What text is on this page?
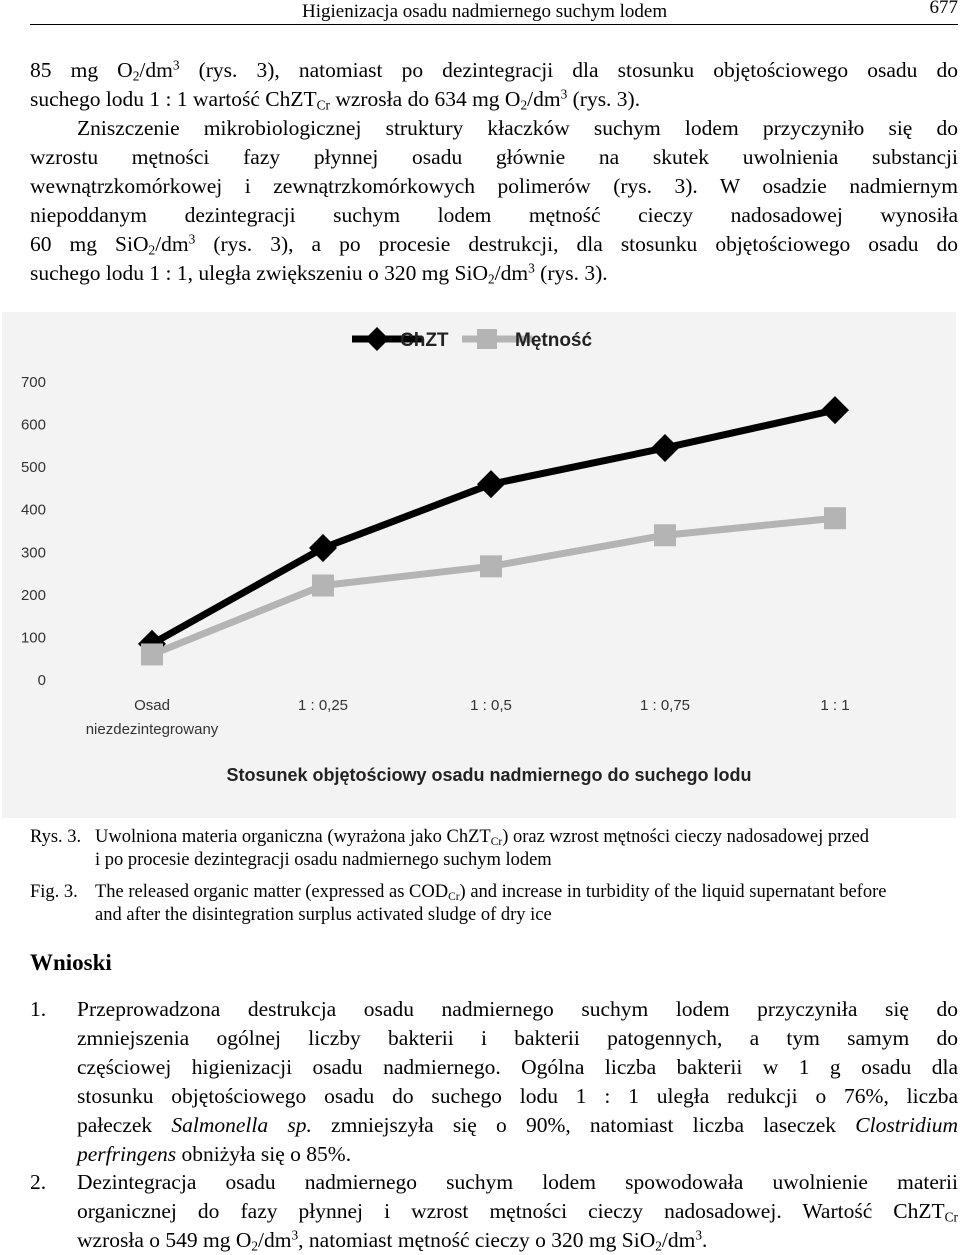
Higienizacja osadu nadmiernego suchym lodem	677
85 mg $O_2/dm^3$ (rys. 3), natomiast po dezintegracji dla stosunku objętościowego osadu do
suchego lodu 1 : 1 wartość ChZT$_{Cr}$ wzrosła do 634 mg $O_2/dm^3$ (rys. 3).
Zniszczenie mikrobiologicznej struktury kłaczków suchym lodem przyczyniło się do
wzrostu mętności fazy płynnej osadu głównie na skutek uwolnienia substancji
wewnątrzkomórkowej i zewnątrzkomórkowych polimerów (rys. 3). W osadzie nadmiernym
niepoddanym dezintegracji suchym lodem mętność cieczy nadosadowej wynosiła
60 mg $SiO_2/dm^3$ (rys. 3), a po procesie destrukcji, dla stosunku objętościowego osadu do
suchego lodu 1 : 1, uległa zwiększeniu o 320 mg $SiO_2/dm^3$ (rys. 3).
0
100
200
300
400
500
600
700
Osad
niezdezintegrowany
1 : 0,25	1 : 0,5	1 : 0,75	1 : 1
ChZT	Mętność
Stosunek objętościowy osadu nadmiernego do suchego lodu
Rys. 3. Uwolniona materia organiczna (wyrażona jako ChZT$_{Cr}$) oraz wzrost mętności cieczy nadosadowej przed
i po procesie dezintegracji osadu nadmiernego suchym lodem
Fig. 3. The released organic matter (expressed as $COD_{Cr}$) and increase in turbidity of the liquid supernatant before
and after the disintegration surplus activated sludge of dry ice
Wnioski
1. Przeprowadzona destrukcja osadu nadmiernego suchym lodem przyczyniła się do
zmniejszenia ogólnej liczby bakterii i bakterii patogennych, a tym samym do
częściowej higienizacji osadu nadmiernego. Ogólna liczba bakterii w 1 g osadu dla
stosunku objętościowego osadu do suchego lodu 1 : 1 uległa redukcji o 76%, liczba
pałeczek Salmonella sp. zmniejszyła się o 90%, natomiast liczba laseczek Clostridium
perfringens obniżyła się o 85%.
2. Dezintegracja osadu nadmiernego suchym lodem spowodowała uwolnienie materii
organicznej do fazy płynnej i wzrost mętności cieczy nadosadowej. Wartość ChZT$_{Cr}$
wzrosła o 549 mg $O_2/dm^3$, natomiast mętność cieczy o 320 mg $SiO_2/dm^3$.
